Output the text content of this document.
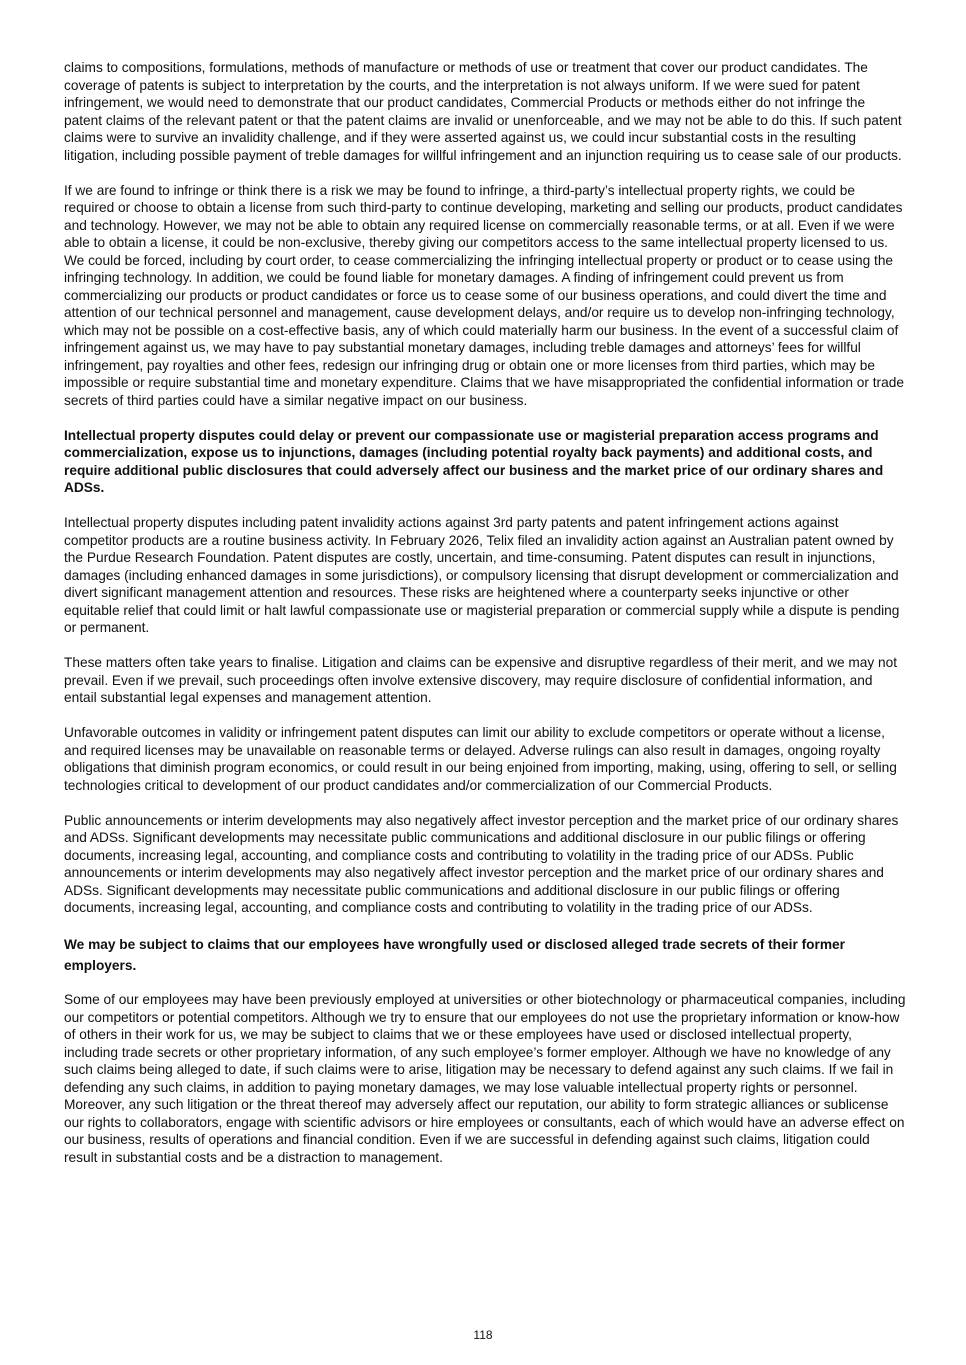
claims to compositions, formulations, methods of manufacture or methods of use or treatment that cover our product candidates. The coverage of patents is subject to interpretation by the courts, and the interpretation is not always uniform. If we were sued for patent infringement, we would need to demonstrate that our product candidates, Commercial Products or methods either do not infringe the patent claims of the relevant patent or that the patent claims are invalid or unenforceable, and we may not be able to do this. If such patent claims were to survive an invalidity challenge, and if they were asserted against us, we could incur substantial costs in the resulting litigation, including possible payment of treble damages for willful infringement and an injunction requiring us to cease sale of our products.

If we are found to infringe or think there is a risk we may be found to infringe, a third-party’s intellectual property rights, we could be required or choose to obtain a license from such third-party to continue developing, marketing and selling our products, product candidates and technology. However, we may not be able to obtain any required license on commercially reasonable terms, or at all. Even if we were able to obtain a license, it could be non-exclusive, thereby giving our competitors access to the same intellectual property licensed to us. We could be forced, including by court order, to cease commercializing the infringing intellectual property or product or to cease using the infringing technology. In addition, we could be found liable for monetary damages. A finding of infringement could prevent us from commercializing our products or product candidates or force us to cease some of our business operations, and could divert the time and attention of our technical personnel and management, cause development delays, and/or require us to develop non-infringing technology, which may not be possible on a cost-effective basis, any of which could materially harm our business. In the event of a successful claim of infringement against us, we may have to pay substantial monetary damages, including treble damages and attorneys’ fees for willful infringement, pay royalties and other fees, redesign our infringing drug or obtain one or more licenses from third parties, which may be impossible or require substantial time and monetary expenditure. Claims that we have misappropriated the confidential information or trade secrets of third parties could have a similar negative impact on our business.

Intellectual property disputes could delay or prevent our compassionate use or magisterial preparation access programs and commercialization, expose us to injunctions, damages (including potential royalty back payments) and additional costs, and require additional public disclosures that could adversely affect our business and the market price of our ordinary shares and ADSs.

Intellectual property disputes including patent invalidity actions against 3rd party patents and patent infringement actions against competitor products are a routine business activity. In February 2026, Telix filed an invalidity action against an Australian patent owned by the Purdue Research Foundation. Patent disputes are costly, uncertain, and time-consuming. Patent disputes can result in injunctions, damages (including enhanced damages in some jurisdictions), or compulsory licensing that disrupt development or commercialization and divert significant management attention and resources. These risks are heightened where a counterparty seeks injunctive or other equitable relief that could limit or halt lawful compassionate use or magisterial preparation or commercial supply while a dispute is pending or permanent.

These matters often take years to finalise. Litigation and claims can be expensive and disruptive regardless of their merit, and we may not prevail. Even if we prevail, such proceedings often involve extensive discovery, may require disclosure of confidential information, and entail substantial legal expenses and management attention.

Unfavorable outcomes in validity or infringement patent disputes can limit our ability to exclude competitors or operate without a license, and required licenses may be unavailable on reasonable terms or delayed. Adverse rulings can also result in damages, ongoing royalty obligations that diminish program economics, or could result in our being enjoined from importing, making, using, offering to sell, or selling technologies critical to development of our product candidates and/or commercialization of our Commercial Products.

Public announcements or interim developments may also negatively affect investor perception and the market price of our ordinary shares and ADSs. Significant developments may necessitate public communications and additional disclosure in our public filings or offering documents, increasing legal, accounting, and compliance costs and contributing to volatility in the trading price of our ADSs. Public announcements or interim developments may also negatively affect investor perception and the market price of our ordinary shares and ADSs. Significant developments may necessitate public communications and additional disclosure in our public filings or offering documents, increasing legal, accounting, and compliance costs and contributing to volatility in the trading price of our ADSs.

We may be subject to claims that our employees have wrongfully used or disclosed alleged trade secrets of their former employers.

Some of our employees may have been previously employed at universities or other biotechnology or pharmaceutical companies, including our competitors or potential competitors. Although we try to ensure that our employees do not use the proprietary information or know-how of others in their work for us, we may be subject to claims that we or these employees have used or disclosed intellectual property, including trade secrets or other proprietary information, of any such employee’s former employer. Although we have no knowledge of any such claims being alleged to date, if such claims were to arise, litigation may be necessary to defend against any such claims. If we fail in defending any such claims, in addition to paying monetary damages, we may lose valuable intellectual property rights or personnel. Moreover, any such litigation or the threat thereof may adversely affect our reputation, our ability to form strategic alliances or sublicense our rights to collaborators, engage with scientific advisors or hire employees or consultants, each of which would have an adverse effect on our business, results of operations and financial condition. Even if we are successful in defending against such claims, litigation could result in substantial costs and be a distraction to management.

118
